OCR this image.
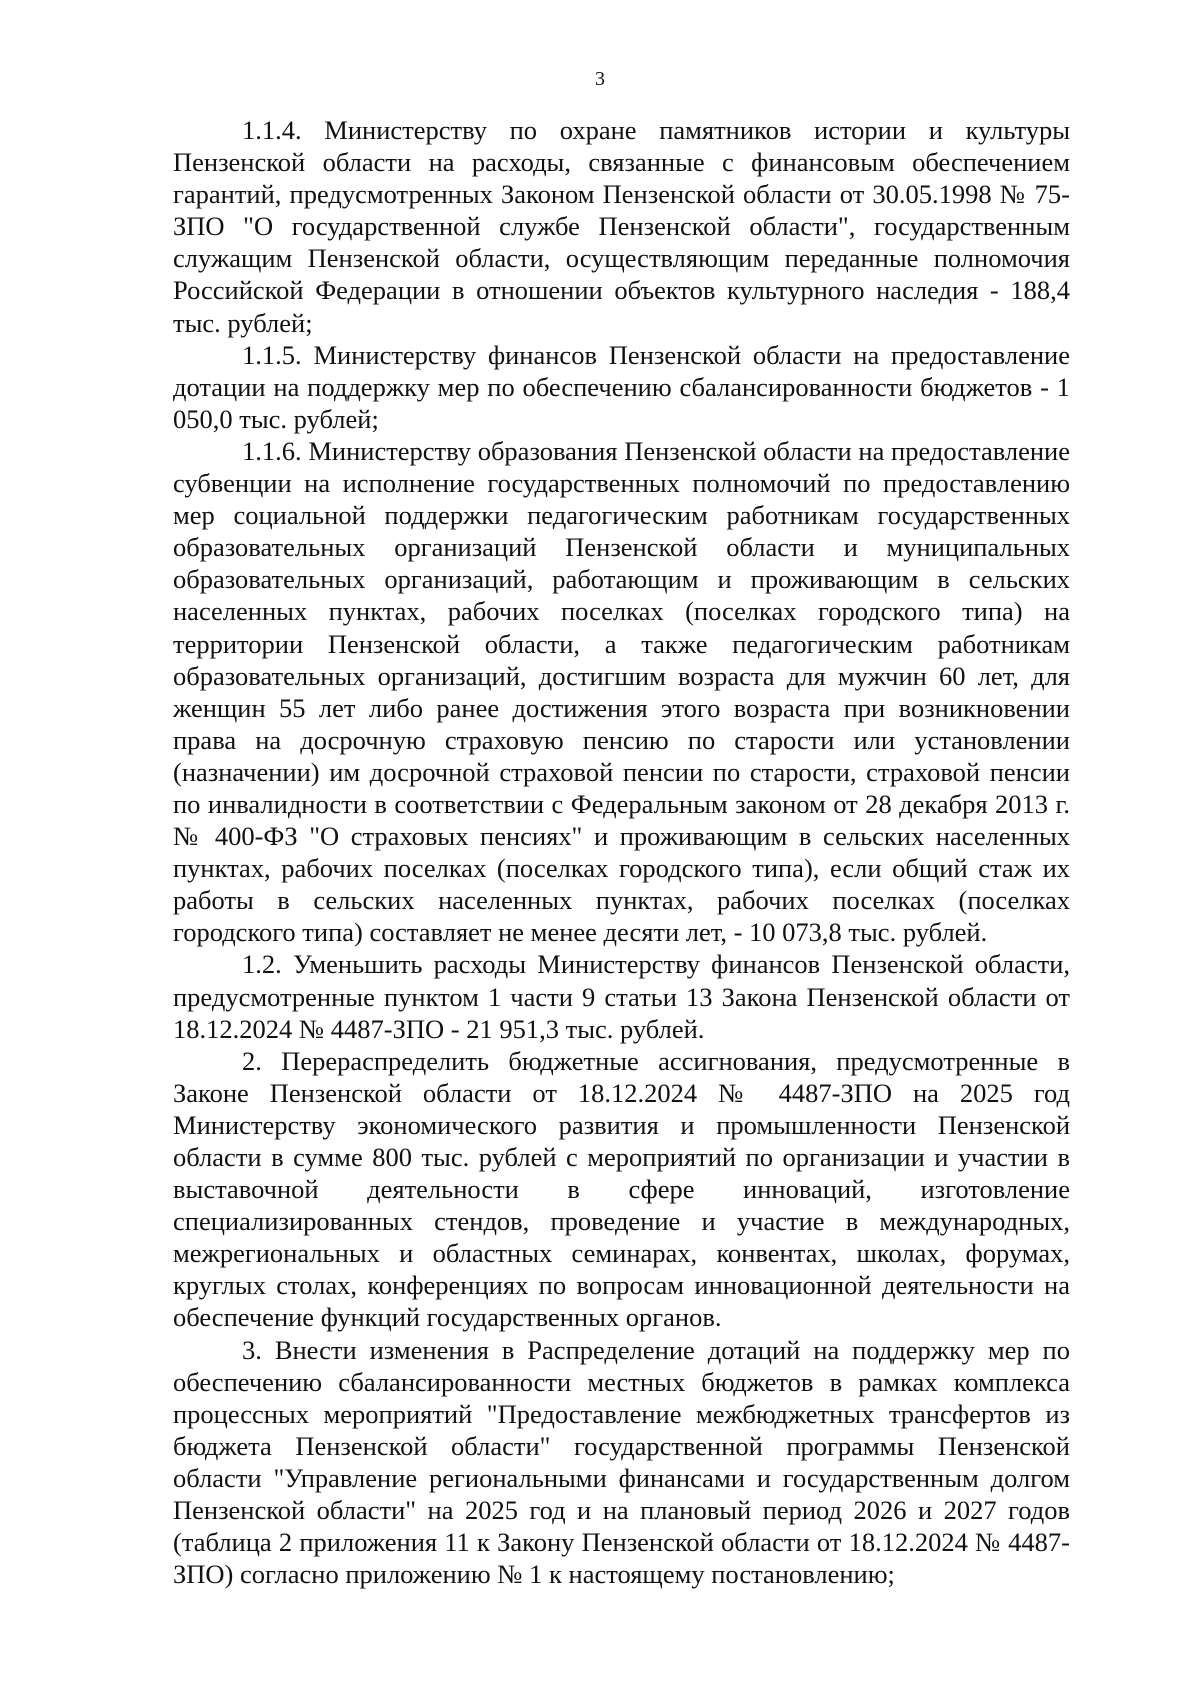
3

1.1.4. Министерству по охране памятников истории и культуры Пензенской области на расходы, связанные с финансовым обеспечением гарантий, предусмотренных Законом Пензенской области от 30.05.1998 № 75-ЗПО "О государственной службе Пензенской области", государственным служащим Пензенской области, осуществляющим переданные полномочия Российской Федерации в отношении объектов культурного наследия - 188,4 тыс. рублей;

1.1.5. Министерству финансов Пензенской области на предоставление дотации на поддержку мер по обеспечению сбалансированности бюджетов - 1 050,0 тыс. рублей;

1.1.6. Министерству образования Пензенской области на предоставление субвенции на исполнение государственных полномочий по предоставлению мер социальной поддержки педагогическим работникам государственных образовательных организаций Пензенской области и муниципальных образовательных организаций, работающим и проживающим в сельских населенных пунктах, рабочих поселках (поселках городского типа) на территории Пензенской области, а также педагогическим работникам образовательных организаций, достигшим возраста для мужчин 60 лет, для женщин 55 лет либо ранее достижения этого возраста при возникновении права на досрочную страховую пенсию по старости или установлении (назначении) им досрочной страховой пенсии по старости, страховой пенсии по инвалидности в соответствии с Федеральным законом от 28 декабря 2013 г. № 400-ФЗ "О страховых пенсиях" и проживающим в сельских населенных пунктах, рабочих поселках (поселках городского типа), если общий стаж их работы в сельских населенных пунктах, рабочих поселках (поселках городского типа) составляет не менее десяти лет, - 10 073,8 тыс. рублей.

1.2. Уменьшить расходы Министерству финансов Пензенской области, предусмотренные пунктом 1 части 9 статьи 13 Закона Пензенской области от 18.12.2024 № 4487-ЗПО - 21 951,3 тыс. рублей.

2. Перераспределить бюджетные ассигнования, предусмотренные в Законе Пензенской области от 18.12.2024 № 4487-ЗПО на 2025 год Министерству экономического развития и промышленности Пензенской области в сумме 800 тыс. рублей с мероприятий по организации и участии в выставочной деятельности в сфере инноваций, изготовление специализированных стендов, проведение и участие в международных, межрегиональных и областных семинарах, конвентах, школах, форумах, круглых столах, конференциях по вопросам инновационной деятельности на обеспечение функций государственных органов.

3. Внести изменения в Распределение дотаций на поддержку мер по обеспечению сбалансированности местных бюджетов в рамках комплекса процессных мероприятий "Предоставление межбюджетных трансфертов из бюджета Пензенской области" государственной программы Пензенской области "Управление региональными финансами и государственным долгом Пензенской области" на 2025 год и на плановый период 2026 и 2027 годов (таблица 2 приложения 11 к Закону Пензенской области от 18.12.2024 № 4487-ЗПО) согласно приложению № 1 к настоящему постановлению;
